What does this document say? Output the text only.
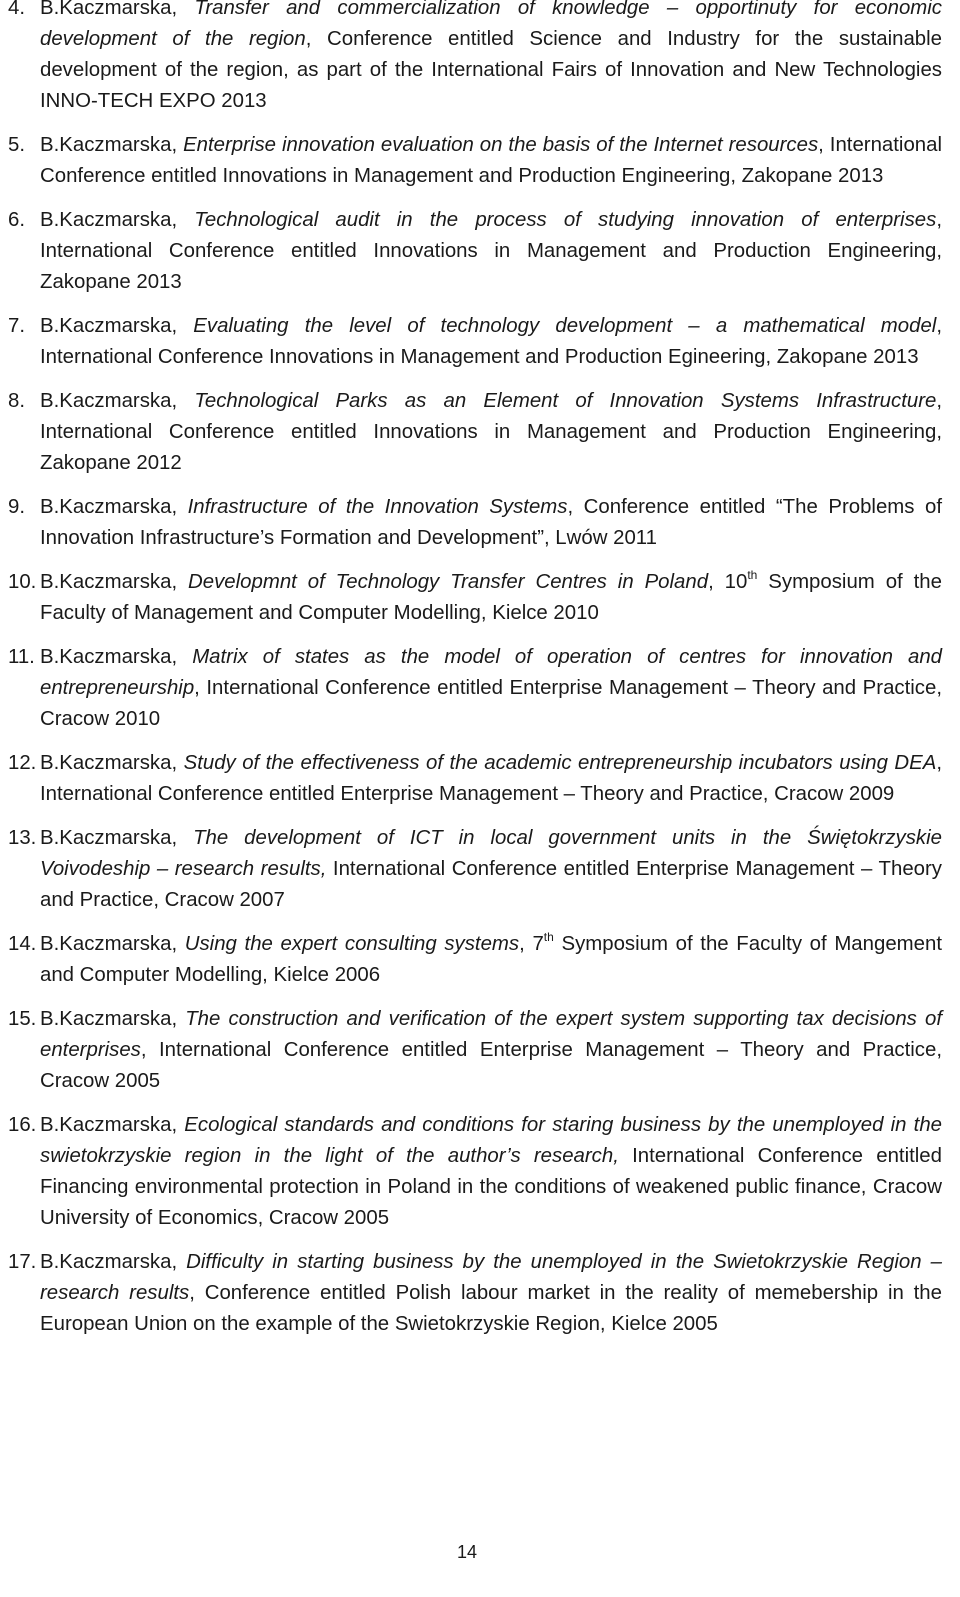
4. B.Kaczmarska, Transfer and commercialization of knowledge – opportinuty for economic development of the region, Conference entitled Science and Industry for the sustainable development of the region, as part of the International Fairs of Innovation and New Technologies INNO-TECH EXPO 2013
5. B.Kaczmarska, Enterprise innovation evaluation on the basis of the Internet resources, International Conference entitled Innovations in Management and Production Engineering, Zakopane 2013
6. B.Kaczmarska, Technological audit in the process of studying innovation of enterprises, International Conference entitled Innovations in Management and Production Engineering, Zakopane 2013
7. B.Kaczmarska, Evaluating the level of technology development – a mathematical model, International Conference Innovations in Management and Production Egineering, Zakopane 2013
8. B.Kaczmarska, Technological Parks as an Element of Innovation Systems Infrastructure, International Conference entitled Innovations in Management and Production Engineering, Zakopane 2012
9. B.Kaczmarska, Infrastructure of the Innovation Systems, Conference entitled “The Problems of Innovation Infrastructure’s Formation and Development”, Lwów 2011
10. B.Kaczmarska, Developmnt of Technology Transfer Centres in Poland, 10th Symposium of the Faculty of Management and Computer Modelling, Kielce 2010
11. B.Kaczmarska, Matrix of states as the model of operation of centres for innovation and entrepreneurship, International Conference entitled Enterprise Management – Theory and Practice, Cracow 2010
12. B.Kaczmarska, Study of the effectiveness of the academic entrepreneurship incubators using DEA, International Conference entitled Enterprise Management – Theory and Practice, Cracow 2009
13. B.Kaczmarska, The development of ICT in local government units in the Świętokrzyskie Voivodeship – research results, International Conference entitled Enterprise Management – Theory and Practice, Cracow 2007
14. B.Kaczmarska, Using the expert consulting systems, 7th Symposium of the Faculty of Mangement and Computer Modelling, Kielce 2006
15. B.Kaczmarska, The construction and verification of the expert system supporting tax decisions of enterprises, International Conference entitled Enterprise Management – Theory and Practice, Cracow 2005
16. B.Kaczmarska, Ecological standards and conditions for staring business by the unemployed in the swietokrzyskie region in the light of the author’s research, International Conference entitled Financing environmental protection in Poland in the conditions of weakened public finance, Cracow University of Economics, Cracow 2005
17. B.Kaczmarska, Difficulty in starting business by the unemployed in the Swietokrzyskie Region – research results, Conference entitled Polish labour market in the reality of memebership in the European Union on the example of the Swietokrzyskie Region, Kielce 2005
14
